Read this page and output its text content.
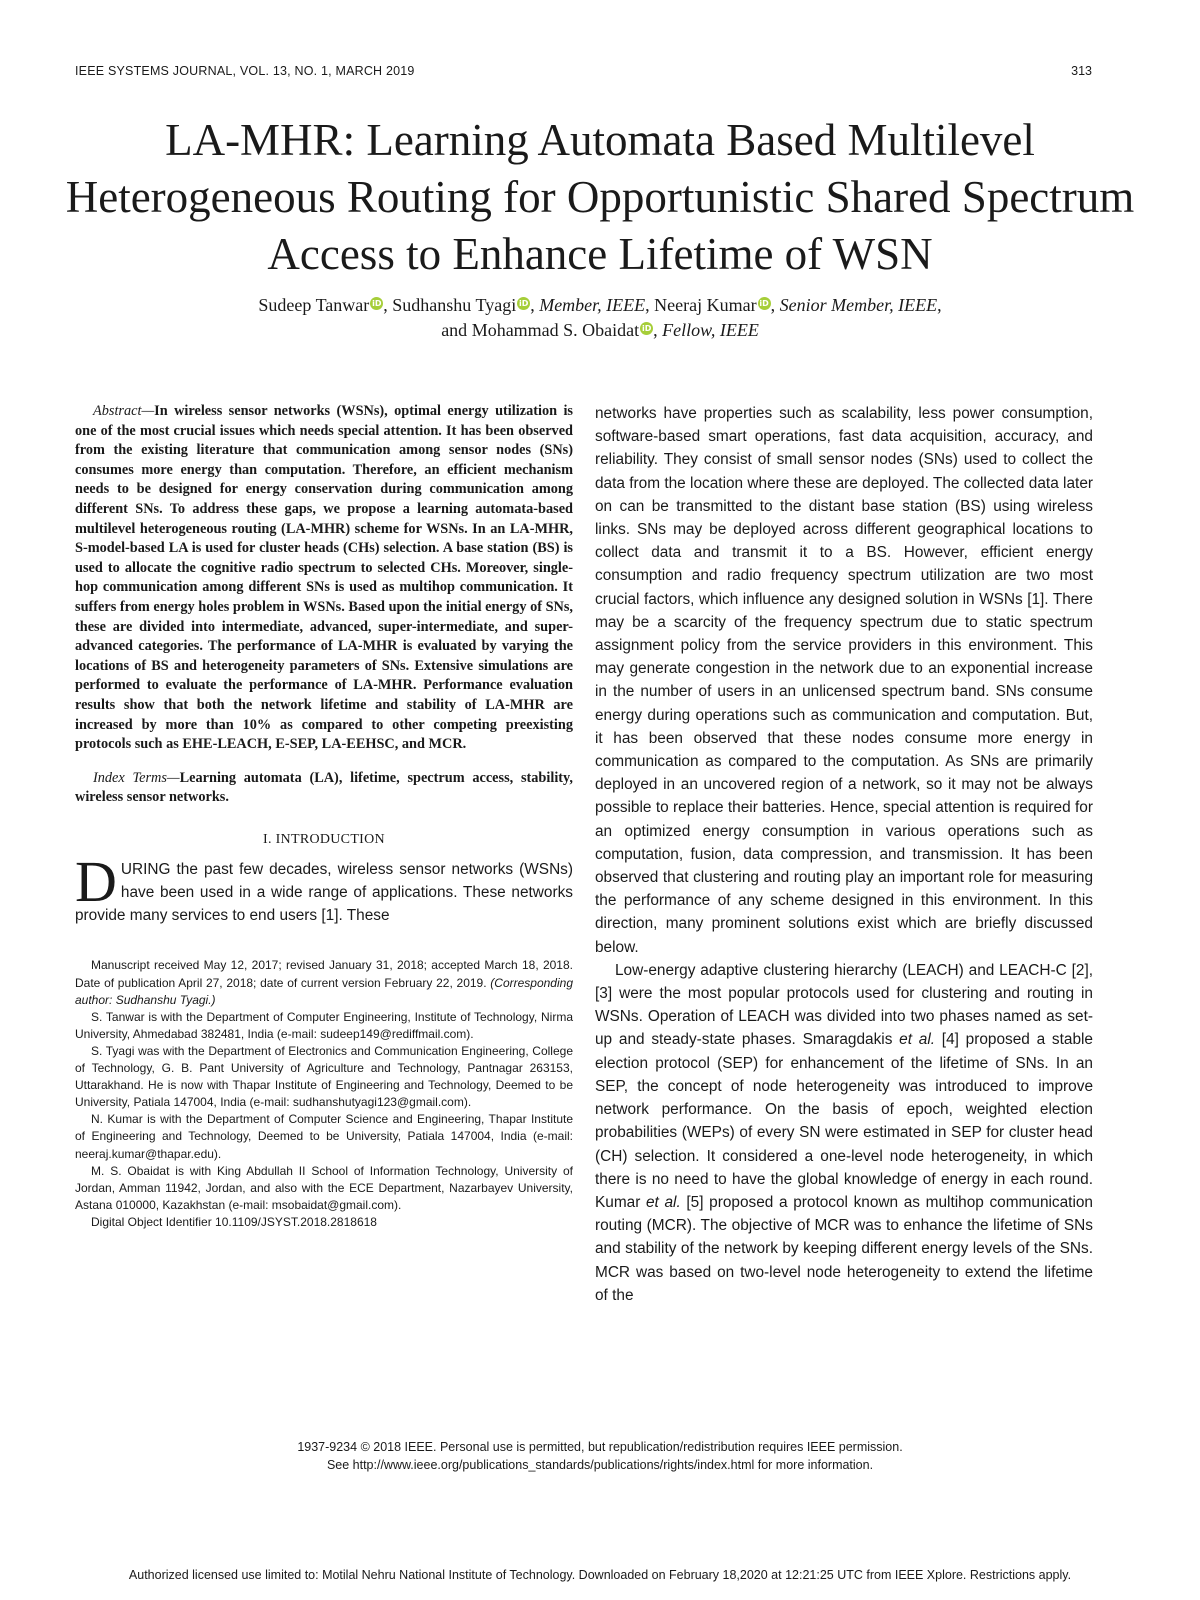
IEEE SYSTEMS JOURNAL, VOL. 13, NO. 1, MARCH 2019	313
LA-MHR: Learning Automata Based Multilevel Heterogeneous Routing for Opportunistic Shared Spectrum Access to Enhance Lifetime of WSN
Sudeep Tanwar iD , Sudhanshu Tyagi iD , Member, IEEE, Neeraj Kumar iD , Senior Member, IEEE,
and Mohammad S. Obaidat iD , Fellow, IEEE

Abstract—In wireless sensor networks (WSNs), optimal energy utilization is one of the most crucial issues which needs special attention. It has been observed from the existing literature that communication among sensor nodes (SNs) consumes more energy than computation. Therefore, an efficient mechanism needs to be designed for energy conservation during communication among different SNs. To address these gaps, we propose a learning automata-based multilevel heterogeneous routing (LA-MHR) scheme for WSNs. In an LA-MHR, S-model-based LA is used for cluster heads (CHs) selection. A base station (BS) is used to allocate the cognitive radio spectrum to selected CHs. Moreover, single-hop communication among different SNs is used as multihop communication. It suffers from energy holes problem in WSNs. Based upon the initial energy of SNs, these are divided into intermediate, advanced, super-intermediate, and super-advanced categories. The performance of LA-MHR is evaluated by varying the locations of BS and heterogeneity parameters of SNs. Extensive simulations are performed to evaluate the performance of LA-MHR. Performance evaluation results show that both the network lifetime and stability of LA-MHR are increased by more than 10% as compared to other competing preexisting protocols such as EHE-LEACH, E-SEP, LA-EEHSC, and MCR.

Index Terms—Learning automata (LA), lifetime, spectrum access, stability, wireless sensor networks.

I. INTRODUCTION

DURING the past few decades, wireless sensor networks (WSNs) have been used in a wide range of applications. These networks provide many services to end users [1]. These

Manuscript received May 12, 2017; revised January 31, 2018; accepted March 18, 2018. Date of publication April 27, 2018; date of current version February 22, 2019. (Corresponding author: Sudhanshu Tyagi.)

S. Tanwar is with the Department of Computer Engineering, Institute of Technology, Nirma University, Ahmedabad 382481, India (e-mail: sudeep149@rediffmail.com).

S. Tyagi was with the Department of Electronics and Communication Engineering, College of Technology, G. B. Pant University of Agriculture and Technology, Pantnagar 263153, Uttarakhand. He is now with Thapar Institute of Engineering and Technology, Deemed to be University, Patiala 147004, India (e-mail: sudhanshutyagi123@gmail.com).

N. Kumar is with the Department of Computer Science and Engineering, Thapar Institute of Engineering and Technology, Deemed to be University, Patiala 147004, India (e-mail: neeraj.kumar@thapar.edu).

M. S. Obaidat is with King Abdullah II School of Information Technology, University of Jordan, Amman 11942, Jordan, and also with the ECE Department, Nazarbayev University, Astana 010000, Kazakhstan (e-mail: msobaidat@gmail.com).

Digital Object Identifier 10.1109/JSYST.2018.2818618

networks have properties such as scalability, less power consumption, software-based smart operations, fast data acquisition, accuracy, and reliability. They consist of small sensor nodes (SNs) used to collect the data from the location where these are deployed. The collected data later on can be transmitted to the distant base station (BS) using wireless links. SNs may be deployed across different geographical locations to collect data and transmit it to a BS. However, efficient energy consumption and radio frequency spectrum utilization are two most crucial factors, which influence any designed solution in WSNs [1]. There may be a scarcity of the frequency spectrum due to static spectrum assignment policy from the service providers in this environment. This may generate congestion in the network due to an exponential increase in the number of users in an unlicensed spectrum band. SNs consume energy during operations such as communication and computation. But, it has been observed that these nodes consume more energy in communication as compared to the computation. As SNs are primarily deployed in an uncovered region of a network, so it may not be always possible to replace their batteries. Hence, special attention is required for an optimized energy consumption in various operations such as computation, fusion, data compression, and transmission. It has been observed that clustering and routing play an important role for measuring the performance of any scheme designed in this environment. In this direction, many prominent solutions exist which are briefly discussed below.

Low-energy adaptive clustering hierarchy (LEACH) and LEACH-C [2], [3] were the most popular protocols used for clustering and routing in WSNs. Operation of LEACH was divided into two phases named as set-up and steady-state phases. Smaragdakis et al. [4] proposed a stable election protocol (SEP) for enhancement of the lifetime of SNs. In an SEP, the concept of node heterogeneity was introduced to improve network performance. On the basis of epoch, weighted election probabilities (WEPs) of every SN were estimated in SEP for cluster head (CH) selection. It considered a one-level node heterogeneity, in which there is no need to have the global knowledge of energy in each round. Kumar et al. [5] proposed a protocol known as multihop communication routing (MCR). The objective of MCR was to enhance the lifetime of SNs and stability of the network by keeping different energy levels of the SNs. MCR was based on two-level node heterogeneity to extend the lifetime of the

1937-9234 © 2018 IEEE. Personal use is permitted, but republication/redistribution requires IEEE permission.

See http://www.ieee.org/publications_standards/publications/rights/index.html for more information.

Authorized licensed use limited to: Motilal Nehru National Institute of Technology. Downloaded on February 18,2020 at 12:21:25 UTC from IEEE Xplore. Restrictions apply.
